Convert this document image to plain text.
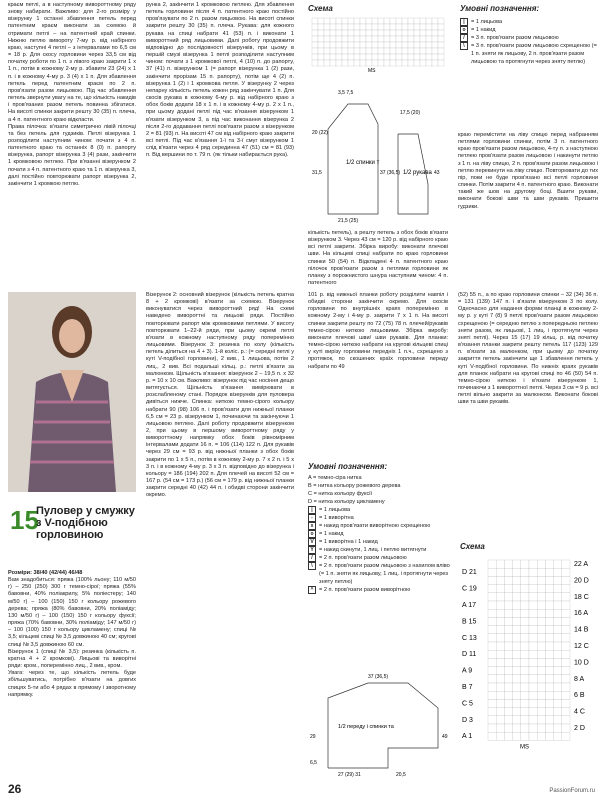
краєм петлі, а в наступному вивороттному ряду знову набирати. Важливо: для 2-го розміру у візерунку 1 останні збавлення петель перед патентним краєм виконати за схемою й отримати петлі – на патентний край спинки. Нижню петлю вивороту 7-му р. від набірного краю, наступні 4 петлі – з інтервалами по 6,5 см = 18 р. Для скосу горловини через 33,5 см від початку роботи по 1 п. з лівого краю закрити 1 х 1 п., потім в кожному 2-му р. збавити 23 (24) х 1 п. і в кожному 4-му р. 3 (4) х 1 п. Для збавлення петель перед патентним краєм по 2 п. пров'язати разом лицьовою. Під час збавлення петель звернути увагу на те, що кількість накидів і пров'язаних разом петель повинна збігатися. На висоті спинки закрити решту 30 (35) п. плеча, а 4 п. патентного краю відкласти.

Права пілочка: в'язати симетрично лівій пілочці та без петель для гудзиків. Петлі візерунка 1 розподілити наступним чином: почати з 4 п. патентного краю та останніх 8 (0) п. рапорту візерунка, рапорт візерунка 3 (4) рази, закінчити 1 кромковою петлею. При в'язанні візерунком 2 почати з 4 п. патентного краю та 1 п. візерунка 3, далі постійно повторювати рапорт візерунка 2, закінчити 1 кромкою петлю.

рунка 2, закінчити 1 кромковою петлею. Для збавлення петель горловини після 4 п. патентного краю постійно пров'язувати по 2 п. разом лицьовою. На висоті спинки закрити решту 30 (35) п. плеча. Рукава: для кожного рукава на спиці набрати 41 (53) п. і виконати 1 вивороттний ряд лицьовими. Далі роботу продовжити відповідно до послідовності візерунків, при цьому в першій смузі візерунка 1 петлі розподілити наступним чином: почати з 1 кромкової петлі, 4 (10) п. до рапорту, 37 (41) п. візерунком 1 (= рапорт візерунка 1 (2) рази, закінчити прорізам 15 п. рапорту), потім ще 4 (2) п. візерунка 1 (2) і 1 кромкова петля. У візерунку 2 через непарну кількість петель кожен ряд закінчувати 1 п. Для скосів рукава в кожному 6-му р. від набірного краю з обох боків додати 18 х 1 п. і в кожному 4-му р. 2 х 1 п., при цьому додані петлі під час в'язання візерунком 1 в'язати візерунком 3, а під час виконання візерунка 2 після 2-го додавання петлі пов'язати разом з візерунком 2 = 81 (93) п. На висоті 47 см від набірного краю закрити всі петлі. Під час в'язання 1-ї та 3-ї смуг візерунком 1 слід в'язати через 4 ряд серединна 47 (51) см = 81 (93) п. Від вершини по т. 79 п. (як тільки набирається рука).

Схема
MS
Умовні позначення:
|	= 1 лицьова
o = 1 накид
/	= 3 п. пров'язати разом лицьовою
\	= 3 п. пров'язати разом лицьовою схрещеною (= 1 п. зняти як лицьову, 2 п. пров'язати разом лицьовою та протягнути через зняту петлю)
1/2 спинки т
1/2 рукава
21,5 (25)
17,5 (20)
31,5	43
37 (36,5)
20 (22)
3,5 7,5

кількість петель), а решту петель з обох боків в'язати візерунком 3. Через 43 см = 120 р. від набірного краю всі петлі закрити. Збірка виробу: виконати плечові шви. На кільцеві спиці набрати по краю горловини спинки 50 (54) п. Відкладені 4 п. патентного краю пілочок пров'язати разом з петлями горловини як планку з порожнистого шнура наступним чином: 4 п. патентного

краю перемістити на ліву спицю перед набранням петлями горловини спинки, потім 3 п. патентного краю пров'язати разом лицьовою, 4-ту п. з наступною петлею пров'язати разом лицьовою і накинути петлю з 1 п. на ліву спицю, 2 п. пров'язати разом лицьовою і петлю перекинути на ліву спицю. Повторювати до тих пір, поки не буде пров'язано всі петлі горловини спинки. Потім закрити 4 п. патентного краю. Виконати такий же шов на другому боці. Вшити рукави, виконати бокові шви та шви рукавів. Пришити гудзики.

15
Пуловер у смужку з V-подібною горловиною

Розміри: 38/40 (42/44) 46/48

Вам знадобиться: пряжа (100% льону; 110 м/50 г) – 250 (250) 300 г темно-сірої; пряжа (55% бавовни, 40% поліакрилу, 5% поліестеру; 140 м/50 г) – 100 (150) 150 г кольору рожевого дерева; пряжа (80% бавовни, 20% поліаміду; 130 м/50 г) – 100 (150) 150 г кольору фуксії; пряжа (70% бавовни, 30% поліаміду; 147 м/50 г) – 100 (100) 150 г кольору цикламену; спиці № 3,5; кільцеві спиці № 3,5 довжиною 40 см; кругові спиці № 3,5 довжиною 60 см.

Візерунок 1 (спиці № 3,5): резинка (кількість п. кратна 4 + 2 кромкові). Лицьові та виворітні ряди: кром., поперемінно лиц., 2 вив., кром.

Увага: через те, що кількість петель буде збільшуватись, потрібно в'язати на довгих спицях 5-ти або 4 рядах в прямому і зворотному напрямку.

Візерунок 2: основний візерунок (кількість петель кратна 8 + 2 кромкові) в'язати за схемою. Візерунок виконуватися через вивороттний ряд! На схемі наведено вивороттні та лицьові ряди. Постійно повторювати рапорт між кромковими петлями. У висоту повторювати 1–22-й ряди, при цьому окремі петлі в'язати в кожному наступному ряду поперемінно лицьовими. Візерунок 3: резинка по колу (кількість петель ділиться на 4 + 3). 1-й коліс. р.: (= середні петлі у куті V-подібної горловини), 2 вив., 1 лицьова, потім 2 лиц., 2 вив. Всі подальші кільц. р.: петлі в'язати за малюнком. Щільність в'язання: візерунок 2 – 19,5 п. х 32 р. = 10 х 10 см. Важливо: візерунок під час носіння дещо витягується. Щільність в'язання вимірювати в розслабленому стані. Порядок візерунків для пуловера дивіться нижче. Спинка: ниткою темно-сірого кольору набрати 90 (98) 106 п. і пров'язати для нижньої планки 6,5 см = 23 р. візерунком 1, починаючи та закінчуючи 1 лицьовою петлею. Далі роботу продовжити візерунком 2, при цьому в першому вивороттному ряду у вивороттному напрямку обох боків рівномірним інтервалами додати 16 п. = 106 (114) 122 п. Для рукавів через 29 см = 93 р. від нижньої планки з обох боків закрити по 1 х 5 п., потім в кожному 2-му р. 7 х 2 п. і 5 х 3 п. і в кожному 4-му р. 3 х 3 п. відповідно до візерунка і кольору = 186 (194) 202 п. Для плечей на висоті 52 см = 167 р. (54 см = 173 р.) (56 см = 179 р. від нижньої планки закрити середні 40 (42) 44 п. і обидві сторони закінчити окремо.

101 р. від нижньої планки роботу розділити навпіл і обидві сторони закінчити окремо. Для скосів горловини по внутрішніх краях поперемінно в кожному 2-му і 4-му р. закрити 7 х 1 п. На висоті спинки закрити решту по 72 (75) 78 п. плечей/рукавів темно-сірою ниткою лицьовими. Збірка виробу: виконати плечові шви/ шви рукавів. Для планки: темно-сірою ниткою набрати на кругові кільцеві спиці у куті вирізу горловини передніх 1 п.ч., схрещено з протяжок, по скошених країх горловини переду набрати по 49

(52) 55 п., а по краю горловини спинки – 32 (34) 36 п. = 131 (139) 147 п. і в'язати візерунком 3 по колу. Одночасно для надання форми планці в кожному 2-му р. у куті 7 (8) 9 петлі пров'язати разом лицьовою схрещеною (= середню петлю з попередньою петлею зняти разом, як лицьові, 1 лиц. і протягнути через зняті петлі). Через 15 (17) 19 кільц. р. від початку в'язання планки закрити решту петель 117 (123) 129 п. в'язати за малюнком, при цьому до початку закриття петель закінчити ще 1 збавлення петель у куті V-подібної горловини. По нижніх краях рукавів для планок набрати на кругові спиці по 46 (50) 54 п. темно-сірою ниткою і в'язати візерунком 1, починаючи з 1 вивороттної петлі. Через 3 см = 9 р. всі петлі вільно закрити за малюнком. Виконати бокові шви та шви рукавів.

Умовні позначення:
A = темно-сіра нитка
B = нитка кольору рожевого дерева
C = нитка кольору фуксії
D = нитка кольору цикламену
|	= 1 лицьова
-	= 1 виворітна
x	= накид пров'язати виворітною схрещеною
o = 1 накид
V = 1 виворітна і 1 накид
Y = накид скинути, 1 лиц. і петлю витягнути
/	= 2 п. пров'язати разом лицьовою
\	= 2 п. пров'язати разом лицьовою з нахилом вліво (= 1 п. зняти як лицьову, 1 лиц. і протягнути через зняту петлю)
^ = 2 п. пров'язати разом виворітною
1/2 переду і спинки та
27 (29) 31	20,5
29	49
6,5
37 (36,5)
Схема
D 21
C 19
A 17
B 15
C 13
D 11
A 9
B 7
C 5
D 3
A 1
22 A
20 D
18 C
16 A
14 B
12 C
10 D
8 A
6 B
4 C
2 D
MS
26	PassionForum.ru
